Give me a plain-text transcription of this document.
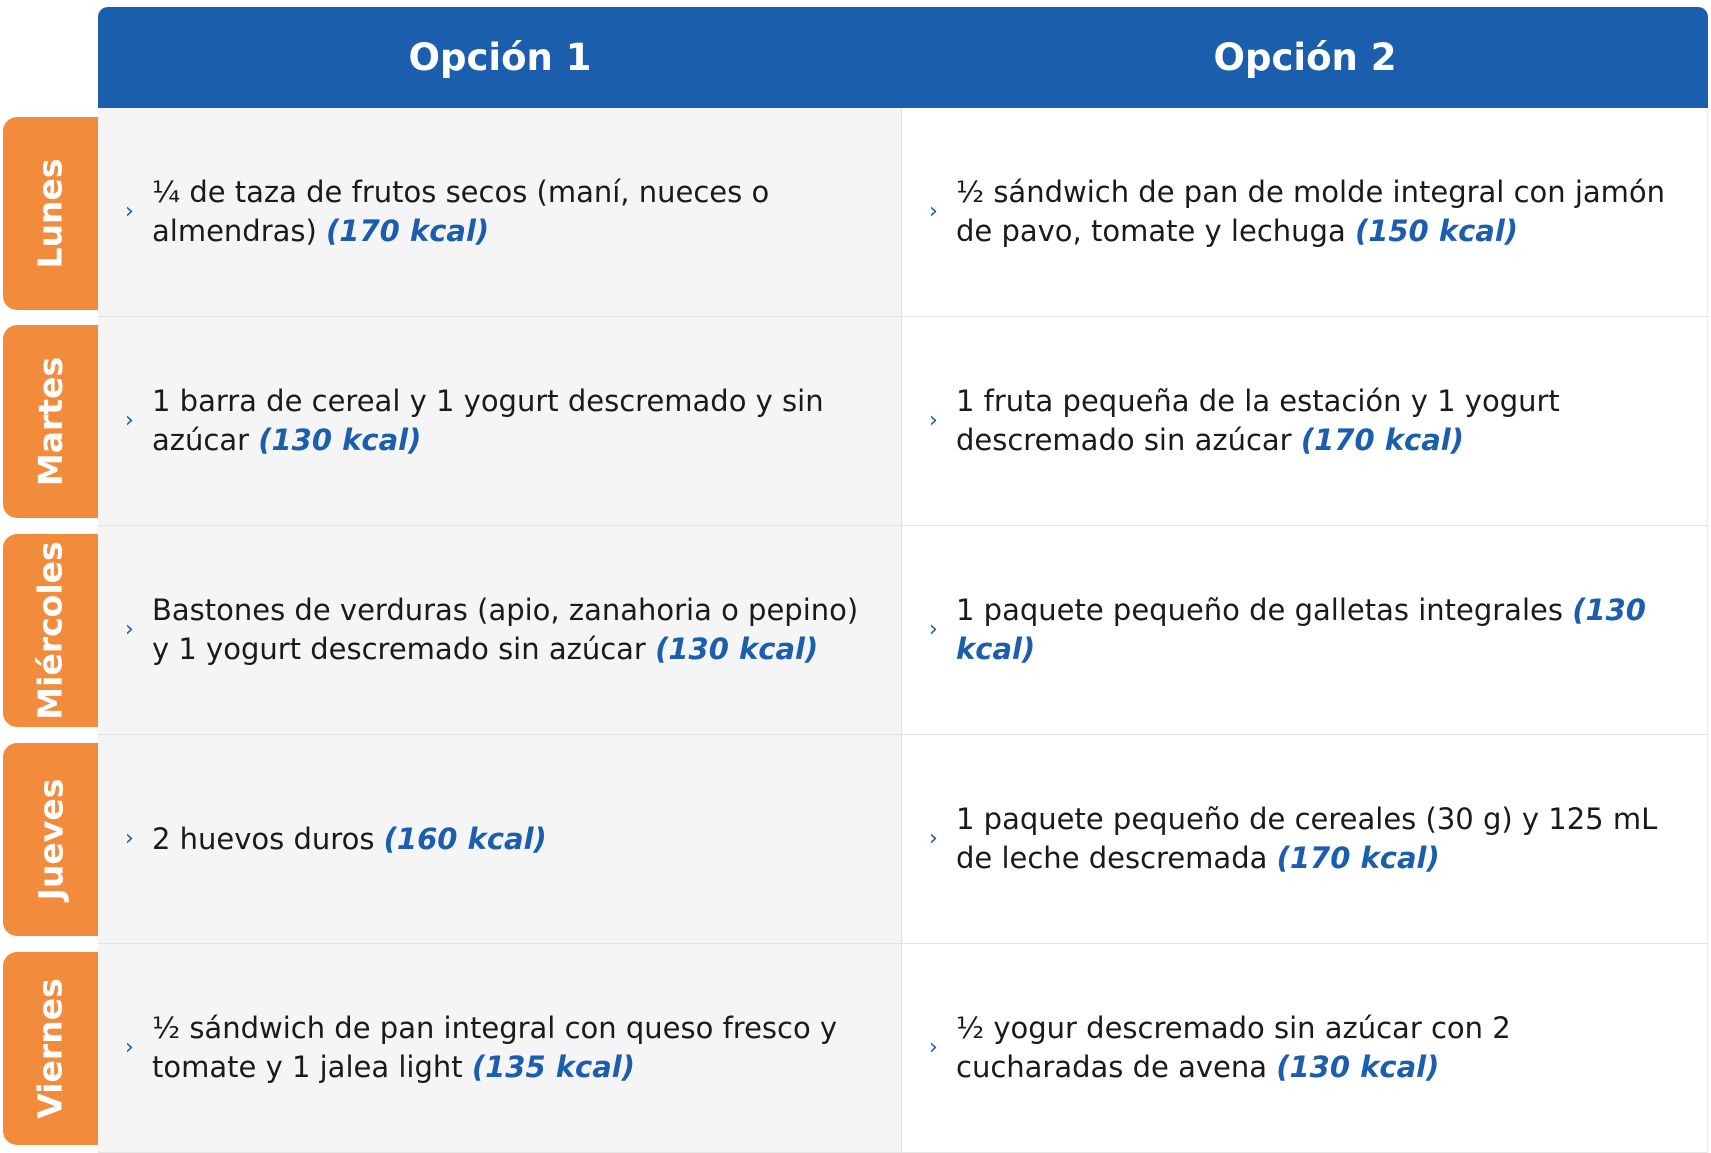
Lunes
Martes
Miércoles
Jueves
Viernes
Opción 1	Opción 2
›
¼ de taza de frutos secos (maní, nueces o almendras) (170 kcal)
›
½ sándwich de pan de molde integral con jamón de pavo, tomate y lechuga (150 kcal)
›
1 barra de cereal y 1 yogurt descremado y sin azúcar (130 kcal)
›
1 fruta pequeña de la estación y 1 yogurt descremado sin azúcar (170 kcal)
›
Bastones de verduras (apio, zanahoria o pepino) y 1 yogurt descremado sin azúcar (130 kcal)
›
1 paquete pequeño de galletas integrales (130 kcal)
› 2 huevos duros (160 kcal)	›
1 paquete pequeño de cereales (30 g) y 125 mL de leche descremada (170 kcal)
›
½ sándwich de pan integral con queso fresco y tomate y 1 jalea light (135 kcal)
›
½ yogur descremado sin azúcar con 2 cucharadas de avena (130 kcal)
